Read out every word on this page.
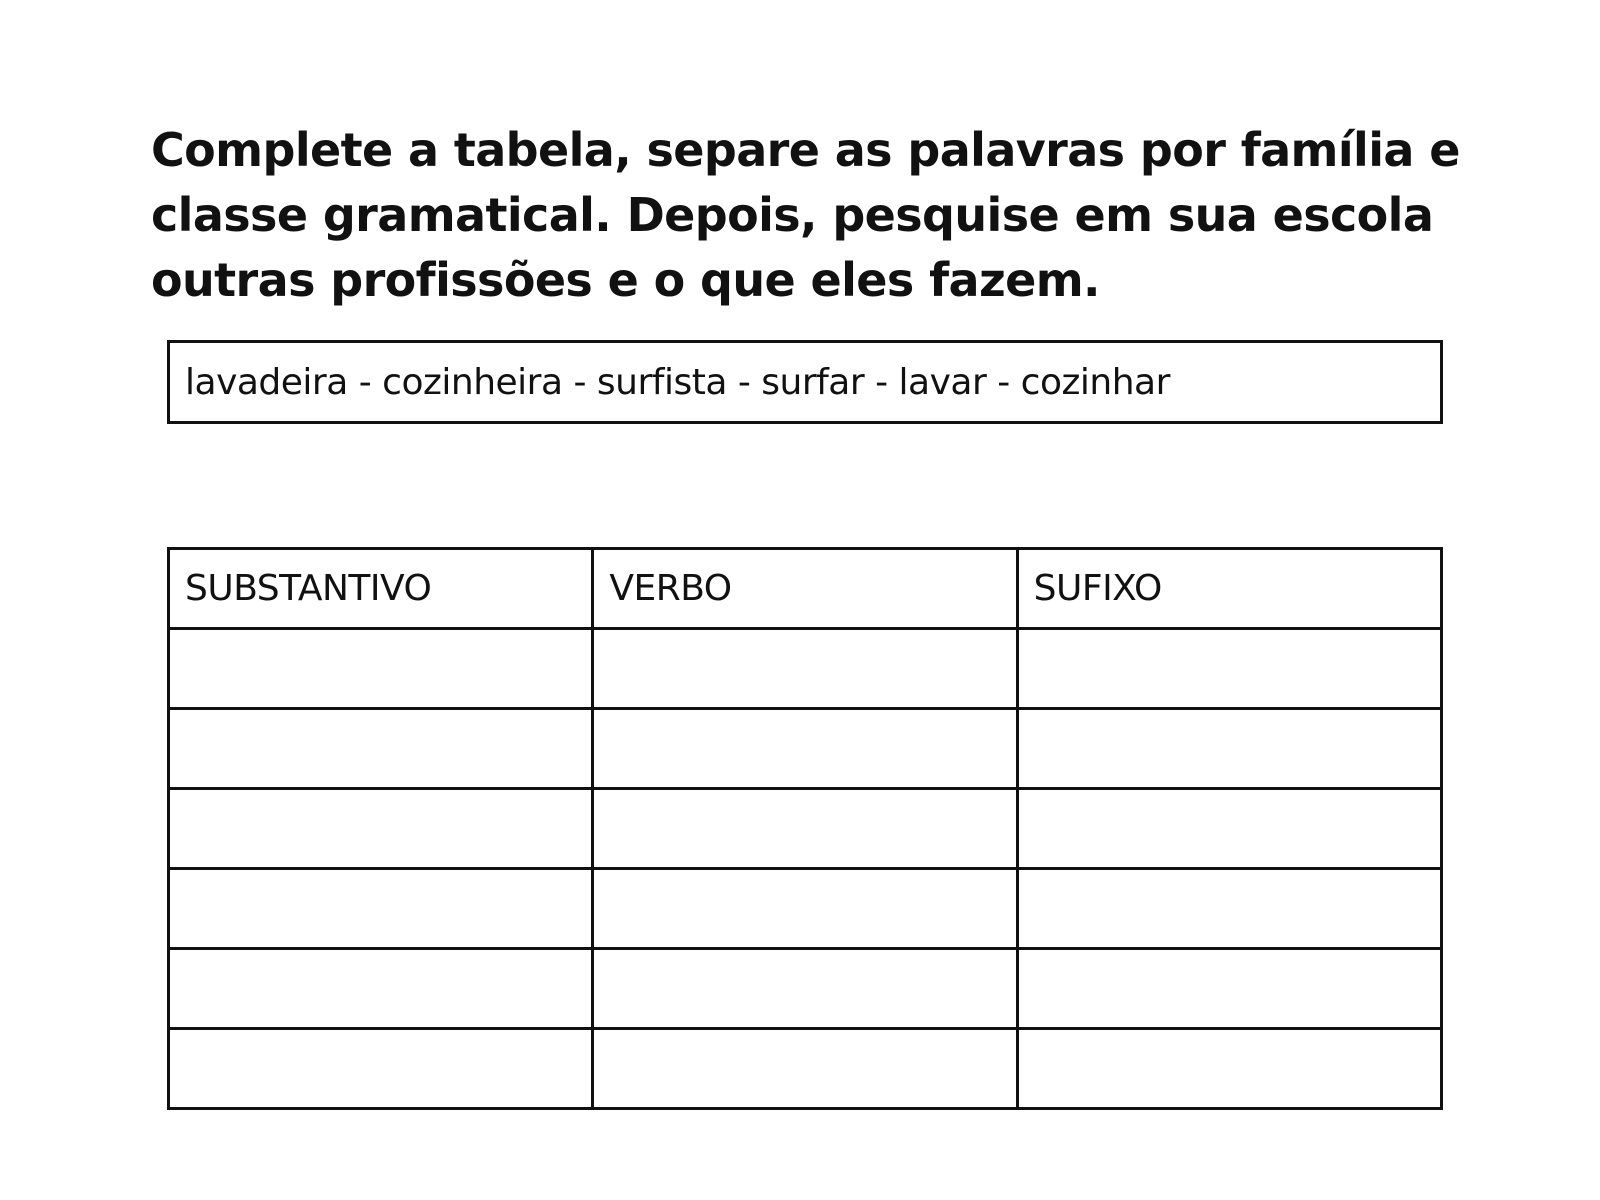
Complete a tabela, separe as palavras por família e classe gramatical. Depois, pesquise em sua escola outras profissões e o que eles fazem.

lavadeira - cozinheira - surfista - surfar - lavar - cozinhar
SUBSTANTIVO	VERBO	SUFIXO
